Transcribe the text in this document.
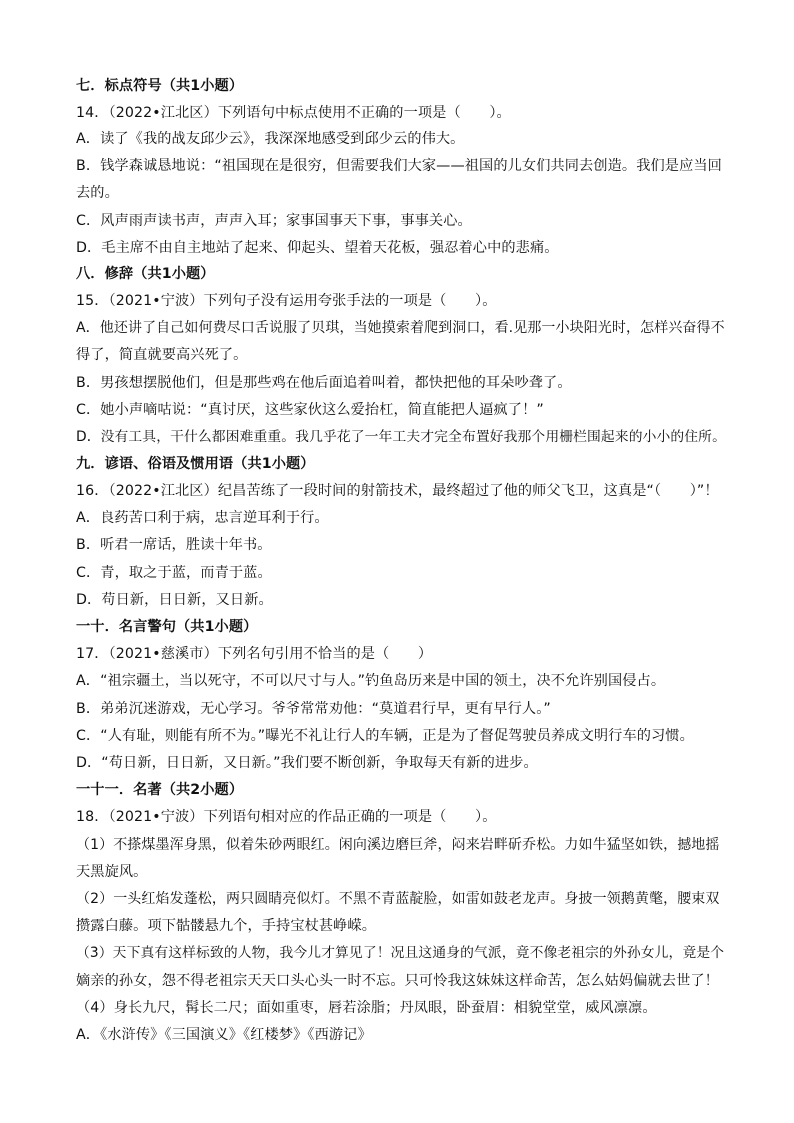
七．标点符号（共1小题）
14．（2022•江北区）下列语句中标点使用不正确的一项是（　　）。
A．读了《我的战友邱少云》，我深深地感受到邱少云的伟大。
B．钱学森诚恳地说：“祖国现在是很穷，但需要我们大家——祖国的儿女们共同去创造。我们是应当回
去的。
C．风声雨声读书声，声声入耳；家事国事天下事，事事关心。
D．毛主席不由自主地站了起来、仰起头、望着天花板，强忍着心中的悲痛。
八．修辞（共1小题）
15．（2021•宁波）下列句子没有运用夸张手法的一项是（　　）。
A．他还讲了自己如何费尽口舌说服了贝琪，当她摸索着爬到洞口，看.见那一小块阳光时，怎样兴奋得不
得了，简直就要高兴死了。
B．男孩想摆脱他们，但是那些鸡在他后面追着叫着，都快把他的耳朵吵聋了。
C．她小声嘀咕说：“真讨厌，这些家伙这么爱抬杠，简直能把人逼疯了！”
D．没有工具，干什么都困难重重。我几乎花了一年工夫才完全布置好我那个用栅栏围起来的小小的住所。
九．谚语、俗语及惯用语（共1小题）
16．（2022•江北区）纪昌苦练了一段时间的射箭技术，最终超过了他的师父飞卫，这真是“（　　）”！
A．良药苦口利于病，忠言逆耳利于行。
B．听君一席话，胜读十年书。
C．青，取之于蓝，而青于蓝。
D．苟日新，日日新，又日新。
一十．名言警句（共1小题）
17．（2021•慈溪市）下列名句引用不恰当的是（　　）
A．“祖宗疆土，当以死守，不可以尺寸与人。”钓鱼岛历来是中国的领土，决不允许别国侵占。
B．弟弟沉迷游戏，无心学习。爷爷常常劝他：“莫道君行早，更有早行人。”
C．“人有耻，则能有所不为。”曝光不礼让行人的车辆，正是为了督促驾驶员养成文明行车的习惯。
D．“苟日新，日日新，又日新。”我们要不断创新，争取每天有新的进步。
一十一．名著（共2小题）
18．（2021•宁波）下列语句相对应的作品正确的一项是（　　）。
（1）不搽煤墨浑身黑，似着朱砂两眼红。闲向溪边磨巨斧，闷来岩畔斫乔松。力如牛猛坚如铁，撼地摇
天黑旋风。
（2）一头红焰发蓬松，两只圆睛亮似灯。不黑不青蓝靛脸，如雷如鼓老龙声。身披一领鹅黄氅，腰束双
攒露白藤。项下骷髅悬九个，手持宝杖甚峥嵘。
（3）天下真有这样标致的人物，我今儿才算见了！况且这通身的气派，竟不像老祖宗的外孙女儿，竟是个
嫡亲的孙女，怨不得老祖宗天天口头心头一时不忘。只可怜我这妹妹这样命苦，怎么姑妈偏就去世了！
（4）身长九尺，髯长二尺；面如重枣，唇若涂脂；丹凤眼，卧蚕眉：相貌堂堂，威风凛凛。
A．《水浒传》《三国演义》《红楼梦》《西游记》
